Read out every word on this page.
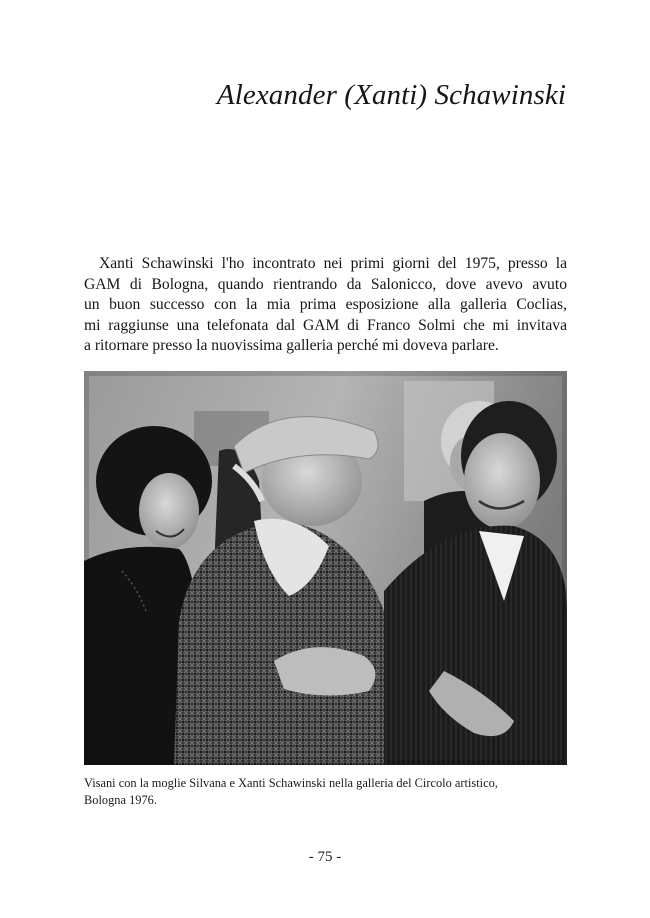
Alexander (Xanti) Schawinski
Xanti Schawinski l'ho incontrato nei primi giorni del 1975, presso la
GAM di Bologna, quando rientrando da Salonicco, dove avevo avuto
un buon successo con la mia prima esposizione alla galleria Coclias,
mi raggiunse una telefonata dal GAM di Franco Solmi che mi invitava
a ritornare presso la nuovissima galleria perché mi doveva parlare.
Visani con la moglie Silvana e Xanti Schawinski nella galleria del Circolo artistico,
Bologna 1976.
- 75 -
